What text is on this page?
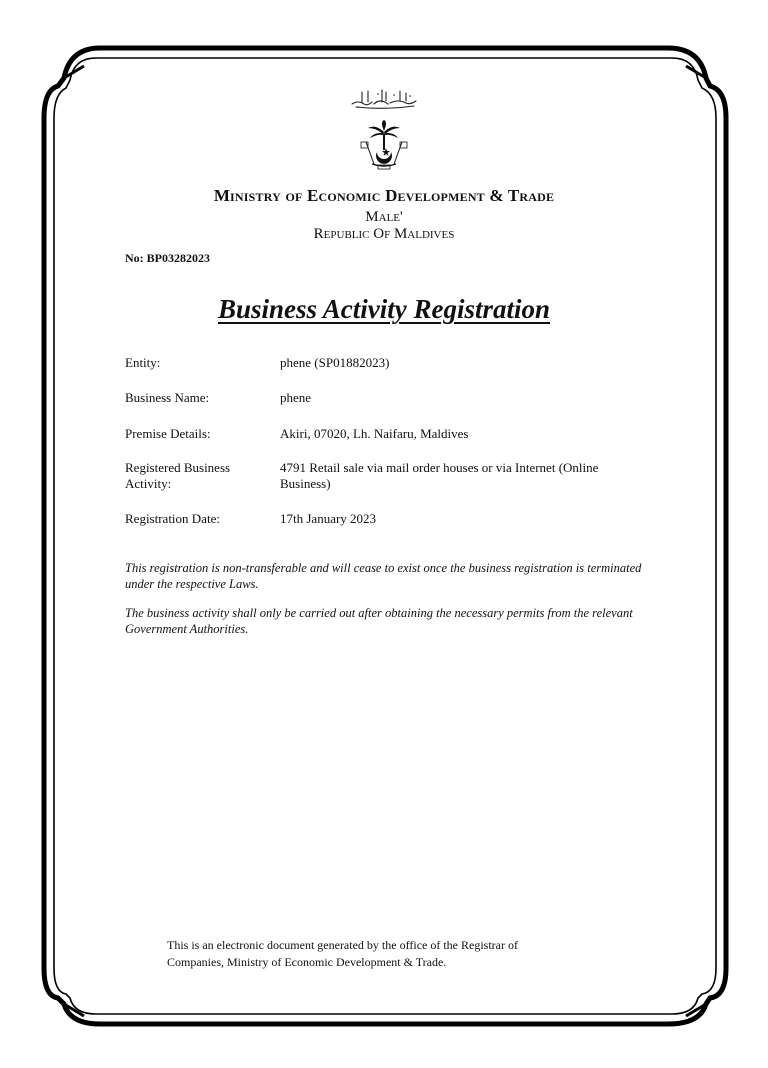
Ministry of Economic Development & Trade
Male'
Republic Of Maldives
No: BP03282023
Business Activity Registration
Entity:	phene (SP01882023)
Business Name:	phene
Premise Details:	Akiri, 07020, Lh. Naifaru, Maldives
Registered Business Activity:
4791 Retail sale via mail order houses or via Internet (Online Business)
Registration Date:	17th January 2023
This registration is non-transferable and will cease to exist once the business registration is terminated under the respective Laws.
The business activity shall only be carried out after obtaining the necessary permits from the relevant Government Authorities.
This is an electronic document generated by the office of the Registrar of Companies, Ministry of Economic Development & Trade.
